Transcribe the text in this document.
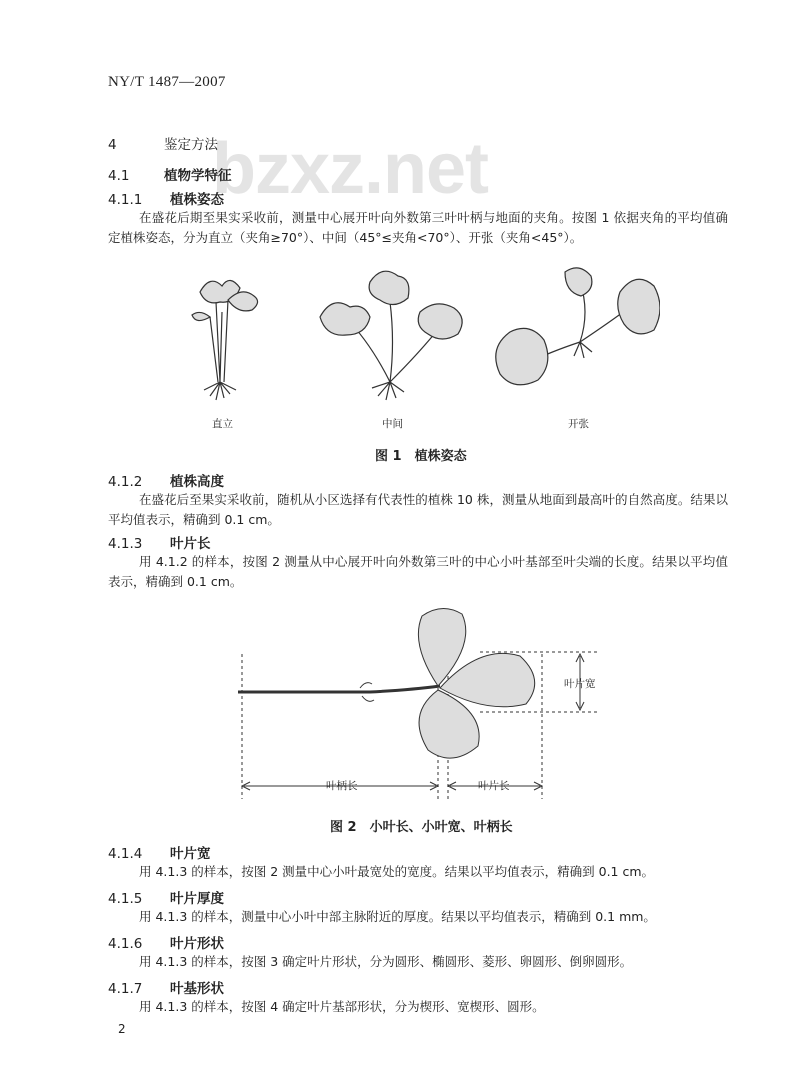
NY/T 1487—2007
bzxz.net
4	鉴定方法
4.1	植物学特征
4.1.1 植株姿态
在盛花后期至果实采收前，测量中心展开叶向外数第三叶叶柄与地面的夹角。按图 1 依据夹角的平均值确定植株姿态，分为直立（夹角≥70°）、中间（45°≤夹角<70°）、开张（夹角<45°）。
直立	中间	开张
图 1　植株姿态
4.1.2 植株高度
在盛花后至果实采收前，随机从小区选择有代表性的植株 10 株，测量从地面到最高叶的自然高度。结果以平均值表示，精确到 0.1 cm。
4.1.3 叶片长
用 4.1.2 的样本，按图 2 测量从中心展开叶向外数第三叶的中心小叶基部至叶尖端的长度。结果以平均值表示，精确到 0.1 cm。
叶片宽
叶柄长	叶片长
图 2　小叶长、小叶宽、叶柄长
4.1.4 叶片宽
用 4.1.3 的样本，按图 2 测量中心小叶最宽处的宽度。结果以平均值表示，精确到 0.1 cm。
4.1.5 叶片厚度
用 4.1.3 的样本，测量中心小叶中部主脉附近的厚度。结果以平均值表示，精确到 0.1 mm。
4.1.6 叶片形状
用 4.1.3 的样本，按图 3 确定叶片形状，分为圆形、椭圆形、菱形、卵圆形、倒卵圆形。
4.1.7 叶基形状
用 4.1.3 的样本，按图 4 确定叶片基部形状，分为楔形、宽楔形、圆形。
2
